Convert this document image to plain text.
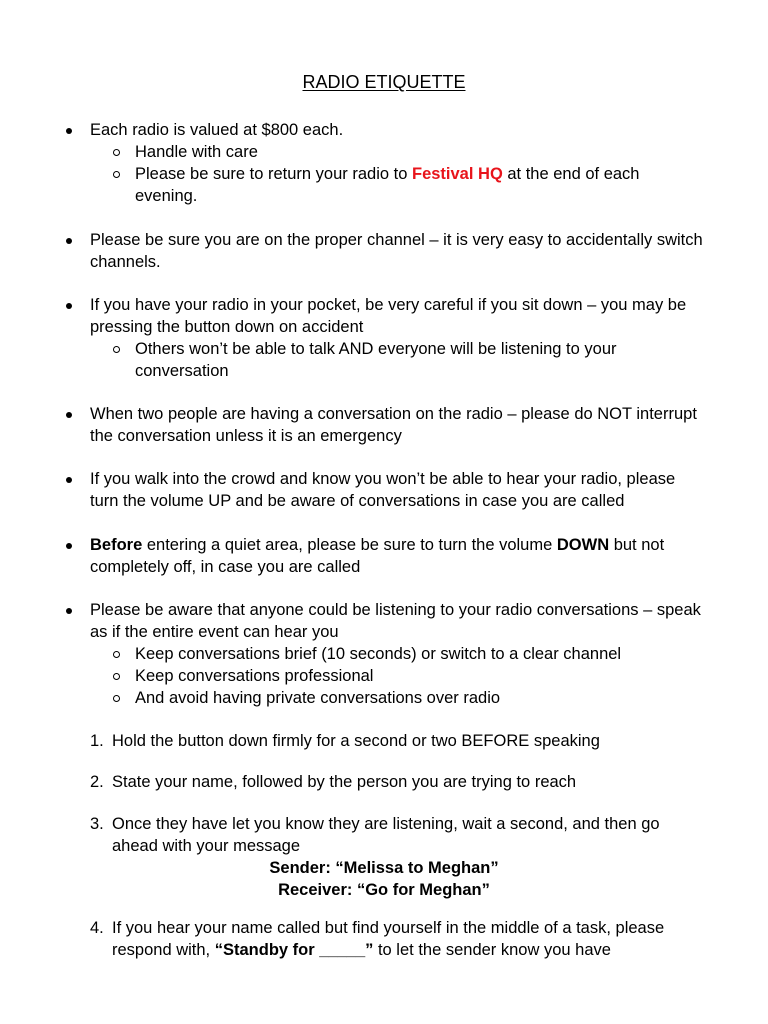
RADIO ETIQUETTE
Each radio is valued at $800 each.
Handle with care
Please be sure to return your radio to Festival HQ at the end of each evening.
Please be sure you are on the proper channel – it is very easy to accidentally switch channels.
If you have your radio in your pocket, be very careful if you sit down – you may be pressing the button down on accident
Others won’t be able to talk AND everyone will be listening to your conversation
When two people are having a conversation on the radio – please do NOT interrupt the conversation unless it is an emergency
If you walk into the crowd and know you won’t be able to hear your radio, please turn the volume UP and be aware of conversations in case you are called
Before entering a quiet area, please be sure to turn the volume DOWN but not completely off, in case you are called
Please be aware that anyone could be listening to your radio conversations – speak as if the entire event can hear you
Keep conversations brief (10 seconds) or switch to a clear channel
Keep conversations professional
And avoid having private conversations over radio
1. Hold the button down firmly for a second or two BEFORE speaking
2. State your name, followed by the person you are trying to reach
3. Once they have let you know they are listening, wait a second, and then go ahead with your message
Sender: “Melissa to Meghan”
Receiver: “Go for Meghan”
4. If you hear your name called but find yourself in the middle of a task, please respond with, “Standby for _____” to let the sender know you have
